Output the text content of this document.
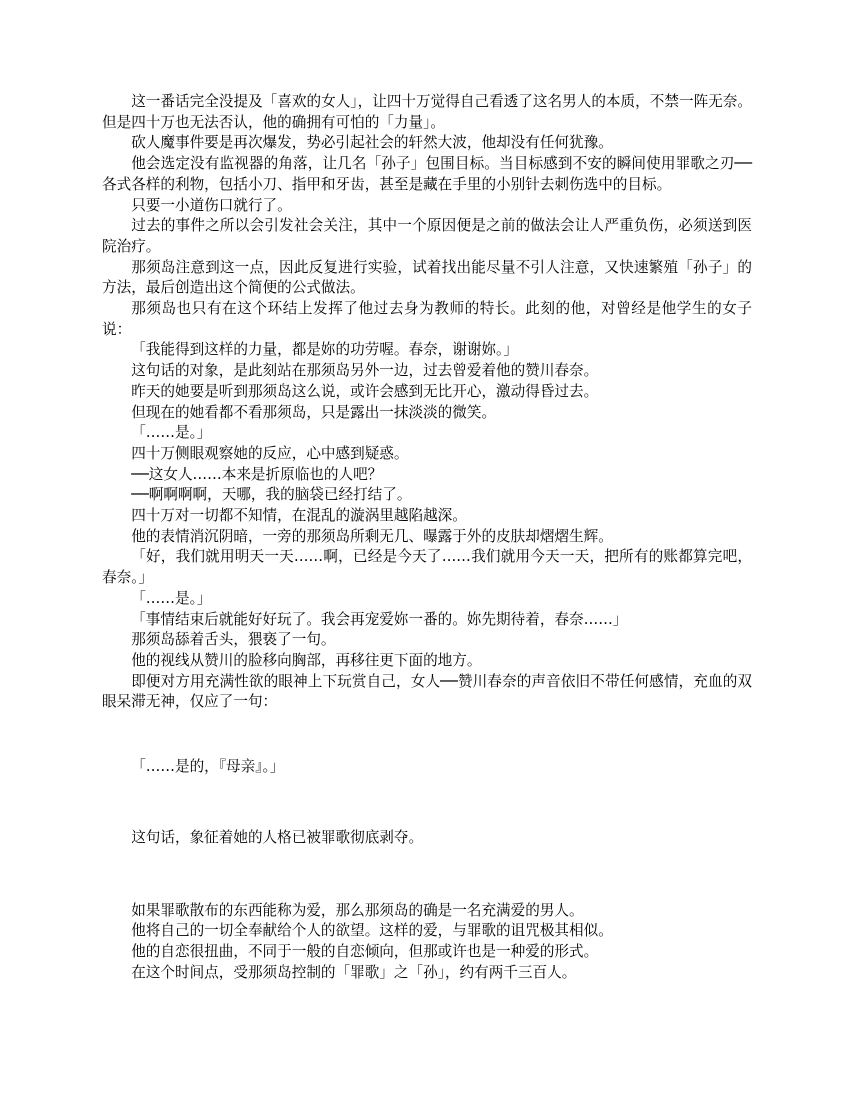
这一番话完全没提及「喜欢的女人」，让四十万觉得自己看透了这名男人的本质，不禁一阵无奈。但是四十万也无法否认，他的确拥有可怕的「力量」。

砍人魔事件要是再次爆发，势必引起社会的轩然大波，他却没有任何犹豫。

他会选定没有监视器的角落，让几名「孙子」包围目标。当目标感到不安的瞬间使用罪歌之刃──各式各样的利物，包括小刀、指甲和牙齿，甚至是藏在手里的小别针去刺伤选中的目标。

只要一小道伤口就行了。

过去的事件之所以会引发社会关注，其中一个原因便是之前的做法会让人严重负伤，必须送到医院治疗。

那须岛注意到这一点，因此反复进行实验，试着找出能尽量不引人注意，又快速繁殖「孙子」的方法，最后创造出这个简便的公式做法。

那须岛也只有在这个环结上发挥了他过去身为教师的特长。此刻的他，对曾经是他学生的女子说：

「我能得到这样的力量，都是妳的功劳喔。春奈，谢谢妳。」

这句话的对象，是此刻站在那须岛另外一边，过去曾爱着他的赞川春奈。

昨天的她要是听到那须岛这么说，或许会感到无比开心，激动得昏过去。

但现在的她看都不看那须岛，只是露出一抹淡淡的微笑。

「……是。」

四十万侧眼观察她的反应，心中感到疑惑。

──这女人……本来是折原临也的人吧？

──啊啊啊啊，天哪，我的脑袋已经打结了。

四十万对一切都不知情，在混乱的漩涡里越陷越深。

他的表情消沉阴暗，一旁的那须岛所剩无几、曝露于外的皮肤却熠熠生辉。

「好，我们就用明天一天……啊，已经是今天了……我们就用今天一天，把所有的账都算完吧，春奈。」

「……是。」

「事情结束后就能好好玩了。我会再宠爱妳一番的。妳先期待着，春奈……」

那须岛舔着舌头，猥亵了一句。

他的视线从赞川的脸移向胸部，再移往更下面的地方。

即便对方用充满性欲的眼神上下玩赏自己，女人──赞川春奈的声音依旧不带任何感情，充血的双眼呆滞无神，仅应了一句：

「……是的，『母亲』。」

这句话，象征着她的人格已被罪歌彻底剥夺。

如果罪歌散布的东西能称为爱，那么那须岛的确是一名充满爱的男人。

他将自己的一切全奉献给个人的欲望。这样的爱，与罪歌的诅咒极其相似。

他的自恋很扭曲，不同于一般的自恋倾向，但那或许也是一种爱的形式。

在这个时间点，受那须岛控制的「罪歌」之「孙」，约有两千三百人。
